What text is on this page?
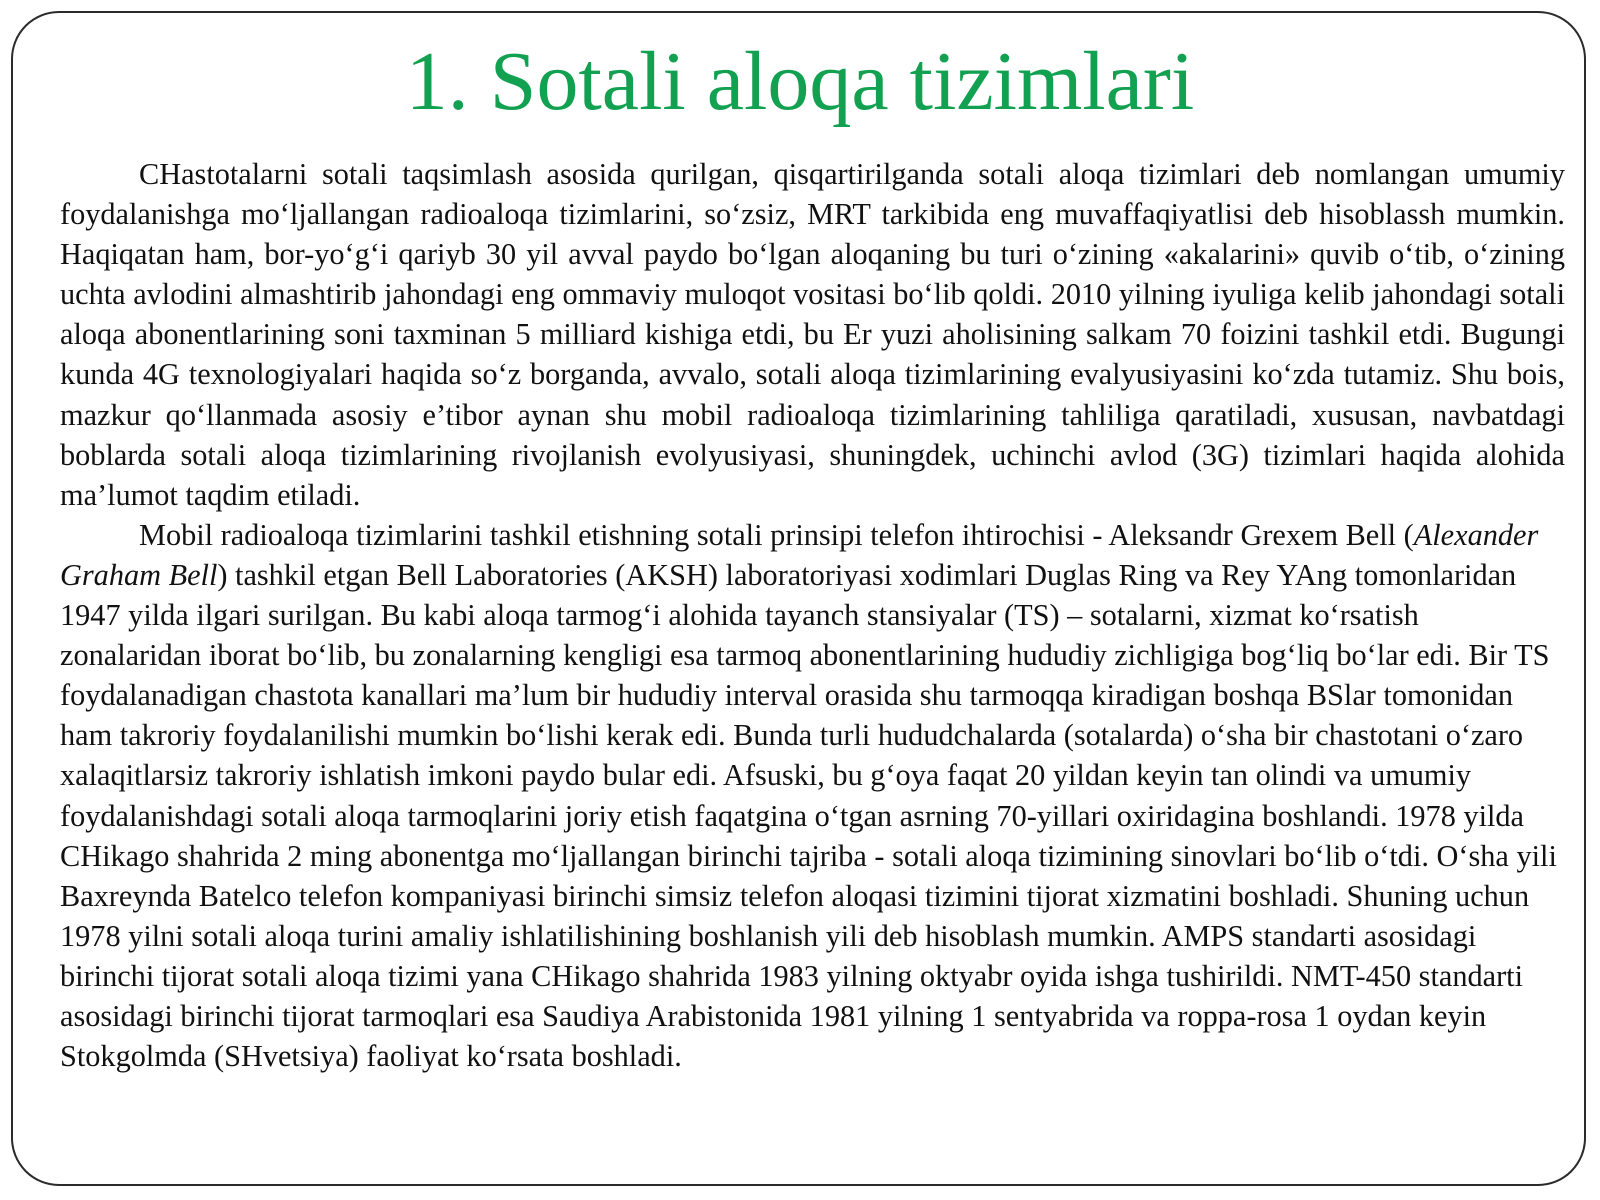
1. Sotali aloqa tizimlari

CHastotalarni sotali taqsimlash asosida qurilgan, qisqartirilganda sotali aloqa tizimlari deb nomlangan umumiy foydalanishga mo‘ljallangan radioaloqa tizimlarini, so‘zsiz, MRT tarkibida eng muvaffaqiyatlisi deb hisoblassh mumkin. Haqiqatan ham, bor-yo‘g‘i qariyb 30 yil avval paydo bo‘lgan aloqaning bu turi o‘zining «akalarini» quvib o‘tib, o‘zining uchta avlodini almashtirib jahondagi eng ommaviy muloqot vositasi bo‘lib qoldi. 2010 yilning iyuliga kelib jahondagi sotali aloqa abonentlarining soni taxminan 5 milliard kishiga etdi, bu Er yuzi aholisining salkam 70 foizini tashkil etdi. Bugungi kunda 4G texnologiyalari haqida so‘z borganda, avvalo, sotali aloqa tizimlarining evalyusiyasini ko‘zda tutamiz. Shu bois, mazkur qo‘llanmada asosiy e’tibor aynan shu mobil radioaloqa tizimlarining tahliliga qaratiladi, xususan, navbatdagi boblarda sotali aloqa tizimlarining rivojlanish evolyusiyasi, shuningdek, uchinchi avlod (3G) tizimlari haqida alohida ma’lumot taqdim etiladi.

Mobil radioaloqa tizimlarini tashkil etishning sotali prinsipi telefon ihtirochisi - Aleksandr Grexem Bell (Alexander Graham Bell) tashkil etgan Bell Laboratories (AKSH) laboratoriyasi xodimlari Duglas Ring va Rey YAng tomonlaridan 1947 yilda ilgari surilgan. Bu kabi aloqa tarmog‘i alohida tayanch stansiyalar (TS) – sotalarni, xizmat ko‘rsatish zonalaridan iborat bo‘lib, bu zonalarning kengligi esa tarmoq abonentlarining hududiy zichligiga bog‘liq bo‘lar edi. Bir TS foydalanadigan chastota kanallari ma’lum bir hududiy interval orasida shu tarmoqqa kiradigan boshqa BSlar tomonidan ham takroriy foydalanilishi mumkin bo‘lishi kerak edi. Bunda turli hududchalarda (sotalarda) o‘sha bir chastotani o‘zaro xalaqitlarsiz takroriy ishlatish imkoni paydo bular edi. Afsuski, bu g‘oya faqat 20 yildan keyin tan olindi va umumiy foydalanishdagi sotali aloqa tarmoqlarini joriy etish faqatgina o‘tgan asrning 70-yillari oxiridagina boshlandi. 1978 yilda CHikago shahrida 2 ming abonentga mo‘ljallangan birinchi tajriba - sotali aloqa tizimining sinovlari bo‘lib o‘tdi. O‘sha yili Baxreynda Batelco telefon kompaniyasi birinchi simsiz telefon aloqasi tizimini tijorat xizmatini boshladi. Shuning uchun 1978 yilni sotali aloqa turini amaliy ishlatilishining boshlanish yili deb hisoblash mumkin. AMPS standarti asosidagi birinchi tijorat sotali aloqa tizimi yana CHikago shahrida 1983 yilning oktyabr oyida ishga tushirildi. NMT-450 standarti asosidagi birinchi tijorat tarmoqlari esa Saudiya Arabistonida 1981 yilning 1 sentyabrida va roppa-rosa 1 oydan keyin Stokgolmda (SHvetsiya) faoliyat ko‘rsata boshladi.
